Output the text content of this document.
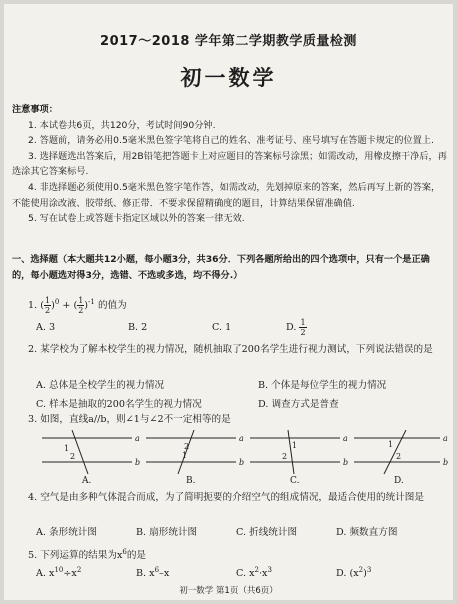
2017～2018 学年第二学期教学质量检测
初一数学
注意事项：
1. 本试卷共6页，共120分，考试时间90分钟.
2. 答题前，请务必用0.5毫米黑色签字笔将自己的姓名、准考证号、座号填写在答题卡规定的位置上.
3. 选择题选出答案后，用2B铅笔把答题卡上对应题目的答案标号涂黑；如需改动，用橡皮擦干净后，再选涂其它答案标号.
4. 非选择题必须使用0.5毫米黑色签字笔作答，如需改动，先划掉原来的答案，然后再写上新的答案，不能使用涂改液、胶带纸、修正带．不要求保留精确度的题目，计算结果保留准确值.
5. 写在试卷上或答题卡指定区域以外的答案一律无效.
一、选择题（本大题共12小题，每小题3分，共36分．下列各题所给出的四个选项中，只有一个是正确的，每小题选对得3分，选错、不选或多选，均不得分.）
1. ( $\frac{1}{2} )^0$ + ( $\frac{1}{2} )^{-1}$ 的值为
A. 3	B. 2	C. 1	D. $\frac{1}{2}$
2. 某学校为了解本校学生的视力情况，随机抽取了200名学生进行视力测试，下列说法错误的是
A. 总体是全校学生的视力情况	B. 个体是每位学生的视力情况
C. 样本是抽取的200名学生的视力情况	D. 调查方式是普查
3. 如图，直线a//b，则∠1与∠2不一定相等的是
1
2
a
b
A.
2
1
a
b
B.
1
2
a
b
C.
1
2
a
b
D.
4. 空气是由多种气体混合而成，为了简明扼要的介绍空气的组成情况，最适合使用的统计图是
A. 条形统计图	B. 扇形统计图	C. 折线统计图	D. 频数直方图
5. 下列运算的结果为$x^6$的是
A. $x^{10}\div x^2$	B. $x^6-x$	C. $x^2\cdot x^3$	D. $(x^2)^3$
初一数学 第1页（共6页）
